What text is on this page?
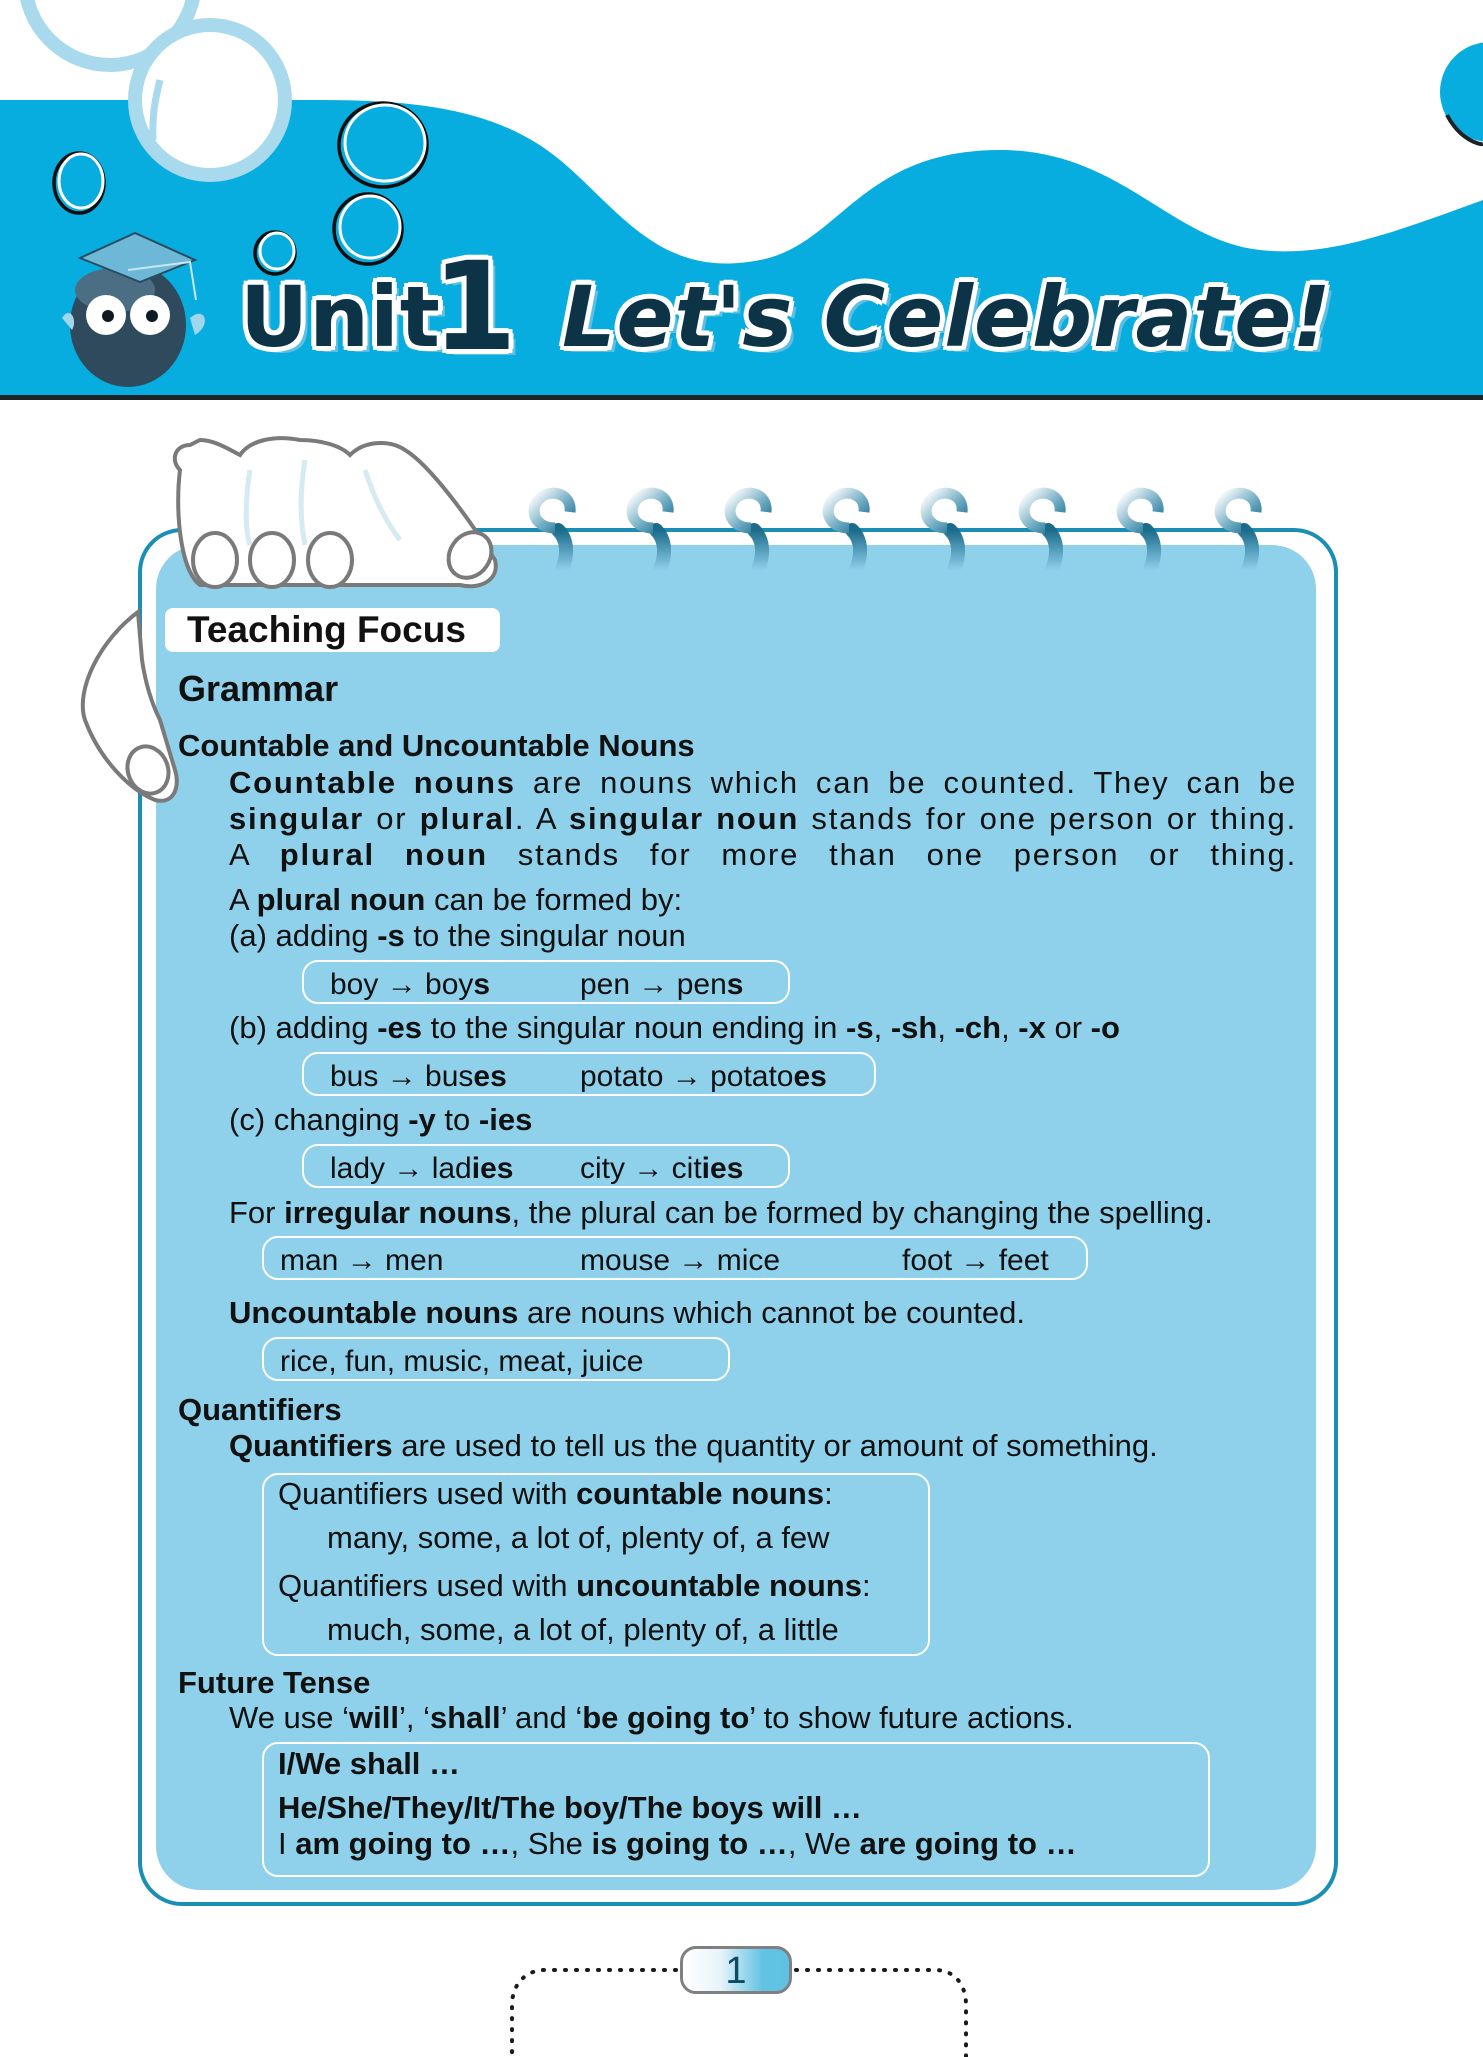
Unit
1 Let's Celebrate!
Teaching Focus
Grammar
Countable and Uncountable Nouns
Countable nouns are nouns which can be counted. They can be singular or plural. A singular noun stands for one person or thing. A plural noun stands for more than one person or thing.
A plural noun can be formed by:
(a) adding -s to the singular noun
boy → boys	pen → pens
(b) adding -es to the singular noun ending in -s, -sh, -ch, -x or -o
bus → buses potato → potatoes
(c) changing -y to -ies
lady → ladies city → cities
For irregular nouns, the plural can be formed by changing the spelling.
man → men	mouse → mice	foot → feet
Uncountable nouns are nouns which cannot be counted.
rice, fun, music, meat, juice
Quantifiers
Quantifiers are used to tell us the quantity or amount of something.
Quantifiers used with countable nouns:
many, some, a lot of, plenty of, a few
Quantifiers used with uncountable nouns:
much, some, a lot of, plenty of, a little
Future Tense
We use ‘will’, ‘shall’ and ‘be going to’ to show future actions.
I/We shall …
He/She/They/It/The boy/The boys will …
I am going to …, She is going to …, We are going to …
1
